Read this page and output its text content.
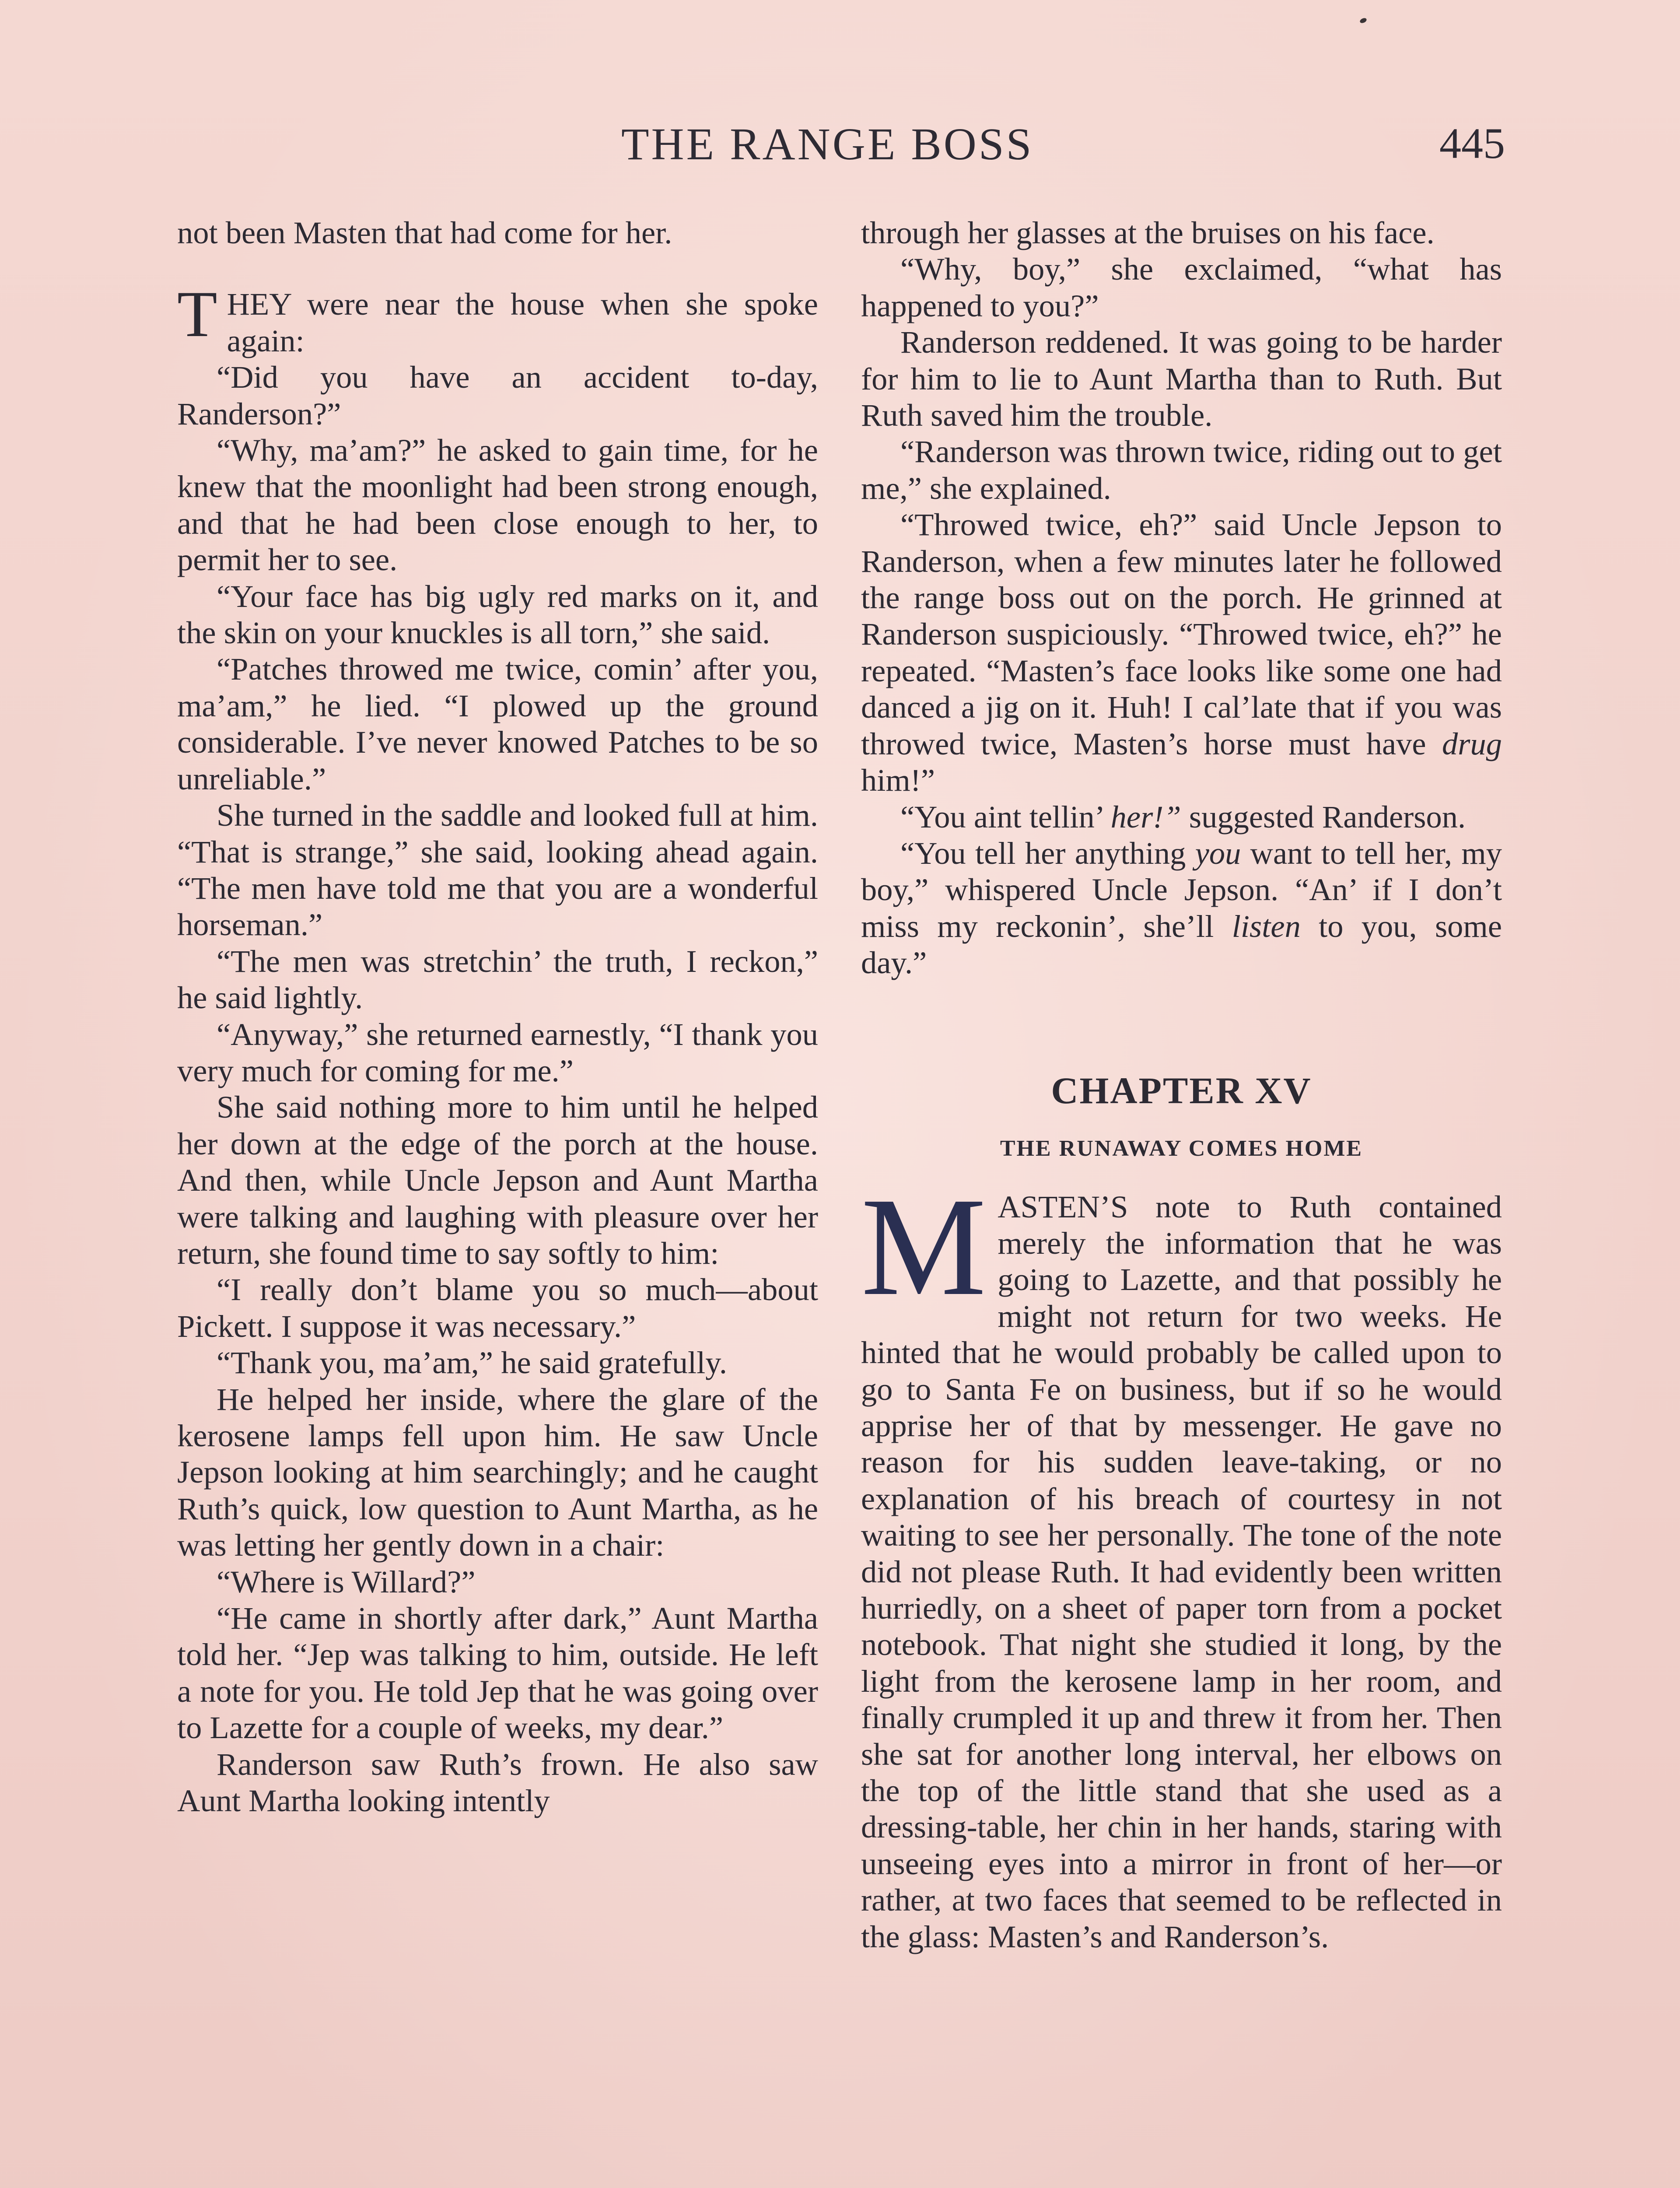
THE RANGE BOSS	445

not been Masten that had come for her.

THEY were near the house when she spoke again:

“Did you have an accident to-day, Randerson?”

“Why, ma’am?” he asked to gain time, for he knew that the moonlight had been strong enough, and that he had been close enough to her, to permit her to see.

“Your face has big ugly red marks on it, and the skin on your knuckles is all torn,” she said.

“Patches throwed me twice, comin’ after you, ma’am,” he lied. “I plowed up the ground considerable. I’ve never knowed Patches to be so unreliable.”

She turned in the saddle and looked full at him. “That is strange,” she said, looking ahead again. “The men have told me that you are a wonderful horseman.”

“The men was stretchin’ the truth, I reckon,” he said lightly.

“Anyway,” she returned earnestly, “I thank you very much for coming for me.”

She said nothing more to him until he helped her down at the edge of the porch at the house. And then, while Uncle Jepson and Aunt Martha were talking and laughing with pleasure over her return, she found time to say softly to him:

“I really don’t blame you so much—about Pickett. I suppose it was necessary.”

“Thank you, ma’am,” he said gratefully.

He helped her inside, where the glare of the kerosene lamps fell upon him. He saw Uncle Jepson looking at him searchingly; and he caught Ruth’s quick, low question to Aunt Martha, as he was letting her gently down in a chair:

“Where is Willard?”

“He came in shortly after dark,” Aunt Martha told her. “Jep was talking to him, outside. He left a note for you. He told Jep that he was going over to Lazette for a couple of weeks, my dear.”

Randerson saw Ruth’s frown. He also saw Aunt Martha looking intently

through her glasses at the bruises on his face.

“Why, boy,” she exclaimed, “what has happened to you?”

Randerson reddened. It was going to be harder for him to lie to Aunt Martha than to Ruth. But Ruth saved him the trouble.

“Randerson was thrown twice, riding out to get me,” she explained.

“Throwed twice, eh?” said Uncle Jepson to Randerson, when a few minutes later he followed the range boss out on the porch. He grinned at Randerson suspiciously. “Throwed twice, eh?” he repeated. “Masten’s face looks like some one had danced a jig on it. Huh! I cal’late that if you was throwed twice, Masten’s horse must have drug him!”

“You aint tellin’ her!” suggested Randerson.

“You tell her anything you want to tell her, my boy,” whispered Uncle Jepson. “An’ if I don’t miss my reckonin’, she’ll listen to you, some day.”

CHAPTER XV
THE RUNAWAY COMES HOME

MASTEN’S note to Ruth contained merely the information that he was going to Lazette, and that possibly he might not return for two weeks. He hinted that he would probably be called upon to go to Santa Fe on business, but if so he would apprise her of that by messenger. He gave no reason for his sudden leave-taking, or no explanation of his breach of courtesy in not waiting to see her personally. The tone of the note did not please Ruth. It had evidently been written hurriedly, on a sheet of paper torn from a pocket notebook. That night she studied it long, by the light from the kerosene lamp in her room, and finally crumpled it up and threw it from her. Then she sat for another long interval, her elbows on the top of the little stand that she used as a dressing-table, her chin in her hands, staring with unseeing eyes into a mirror in front of her—or rather, at two faces that seemed to be reflected in the glass: Masten’s and Randerson’s.
